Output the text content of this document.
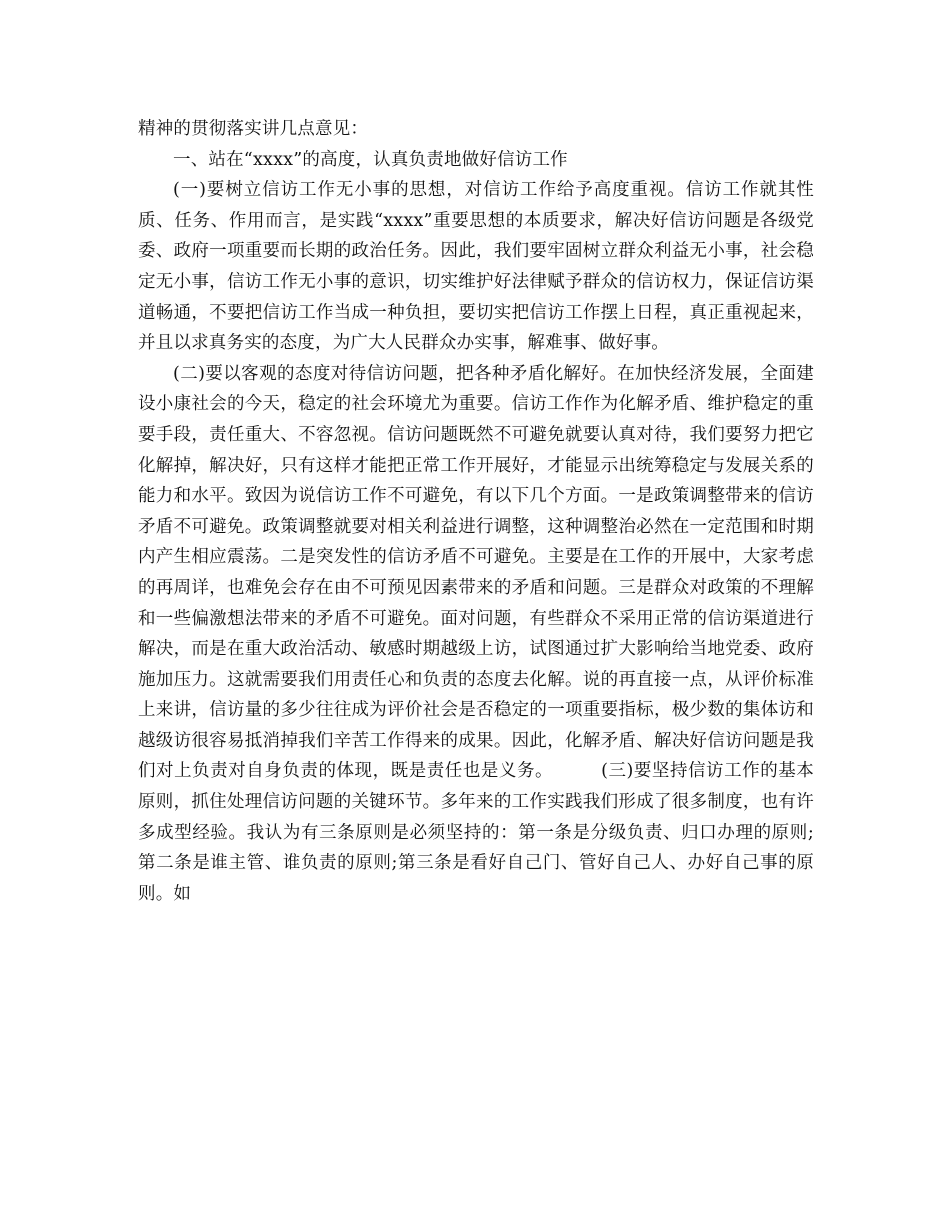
精神的贯彻落实讲几点意见：

一、站在“xxxx”的高度，认真负责地做好信访工作

(一)要树立信访工作无小事的思想，对信访工作给予高度重视。信访工作就其性质、任务、作用而言，是实践“xxxx”重要思想的本质要求，解决好信访问题是各级党委、政府一项重要而长期的政治任务。因此，我们要牢固树立群众利益无小事，社会稳定无小事，信访工作无小事的意识，切实维护好法律赋予群众的信访权力，保证信访渠道畅通，不要把信访工作当成一种负担，要切实把信访工作摆上日程，真正重视起来，并且以求真务实的态度，为广大人民群众办实事，解难事、做好事。

(二)要以客观的态度对待信访问题，把各种矛盾化解好。在加快经济发展，全面建设小康社会的今天，稳定的社会环境尤为重要。信访工作作为化解矛盾、维护稳定的重要手段，责任重大、不容忽视。信访问题既然不可避免就要认真对待，我们要努力把它化解掉，解决好，只有这样才能把正常工作开展好，才能显示出统筹稳定与发展关系的能力和水平。致因为说信访工作不可避免，有以下几个方面。一是政策调整带来的信访矛盾不可避免。政策调整就要对相关利益进行调整，这种调整治必然在一定范围和时期内产生相应震荡。二是突发性的信访矛盾不可避免。主要是在工作的开展中，大家考虑的再周详，也难免会存在由不可预见因素带来的矛盾和问题。三是群众对政策的不理解和一些偏激想法带来的矛盾不可避免。面对问题，有些群众不采用正常的信访渠道进行解决，而是在重大政治活动、敏感时期越级上访，试图通过扩大影响给当地党委、政府施加压力。这就需要我们用责任心和负责的态度去化解。说的再直接一点，从评价标准上来讲，信访量的多少往往成为评价社会是否稳定的一项重要指标，极少数的集体访和越级访很容易抵消掉我们辛苦工作得来的成果。因此，化解矛盾、解决好信访问题是我们对上负责对自身负责的体现，既是责任也是义务。	(三)要坚持信访工作的基本原则，抓住处理信访问题的关键环节。多年来的工作实践我们形成了很多制度，也有许多成型经验。我认为有三条原则是必须坚持的：第一条是分级负责、归口办理的原则;第二条是谁主管、谁负责的原则;第三条是看好自己门、管好自己人、办好自己事的原则。如
